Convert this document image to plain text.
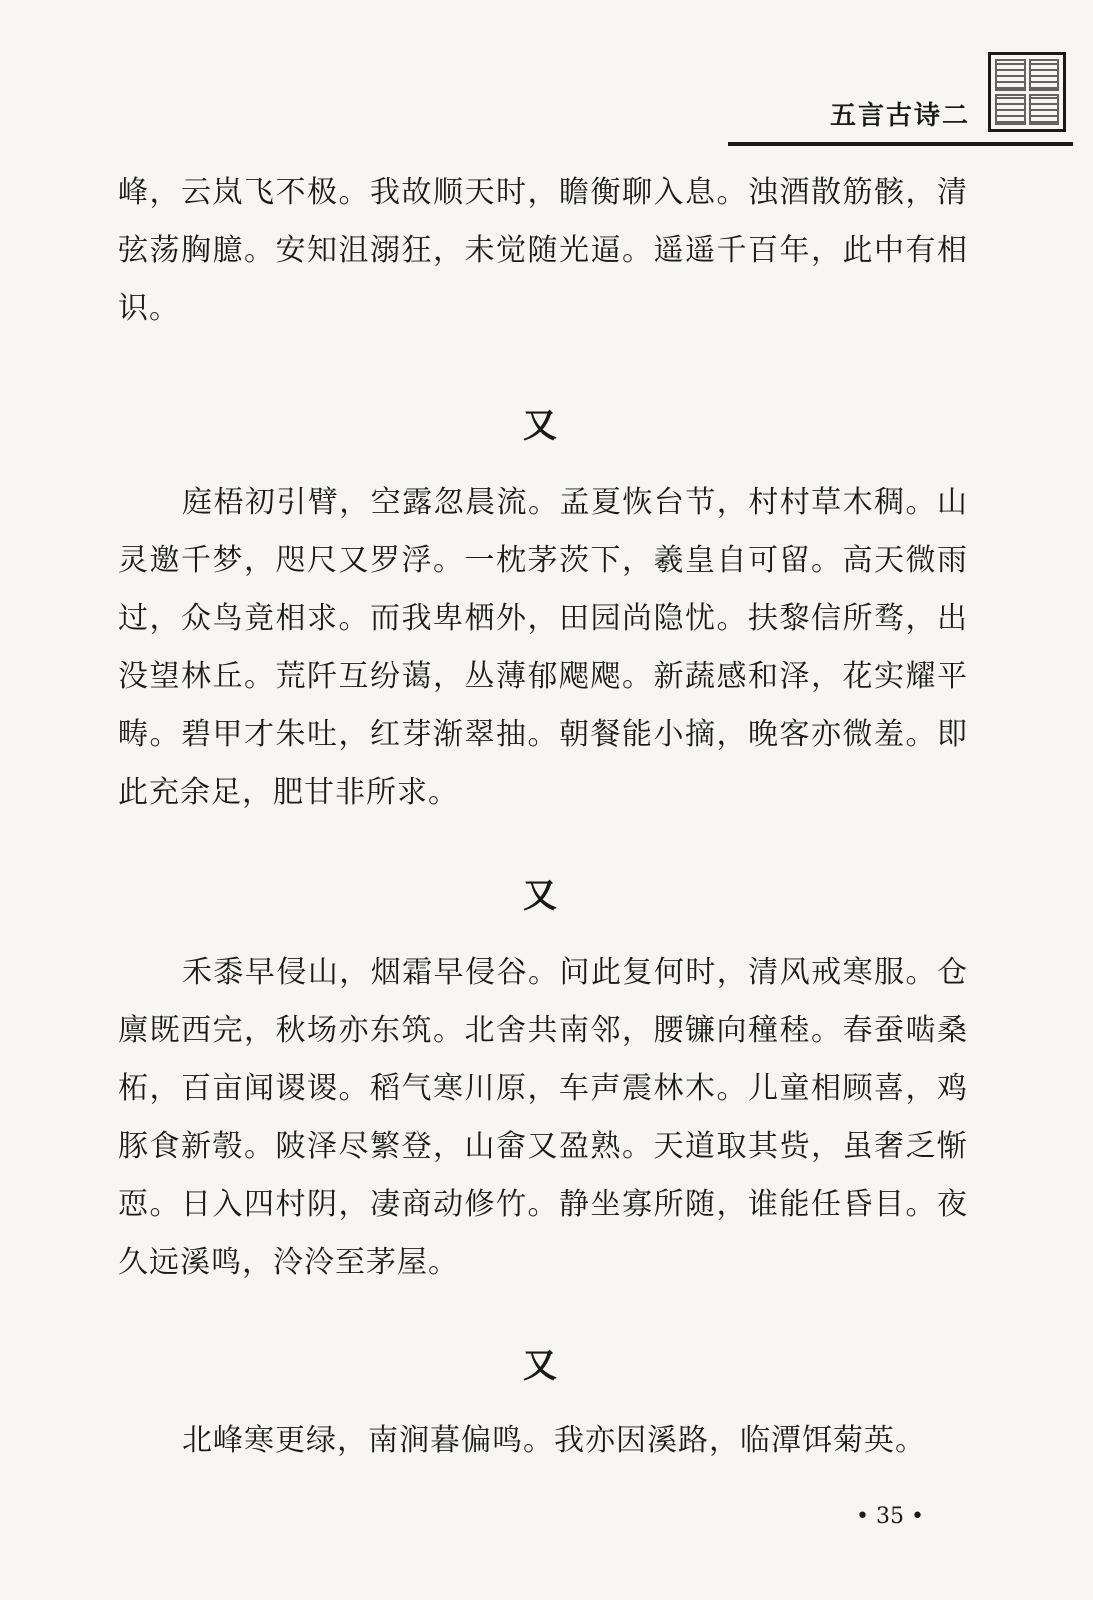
五言古诗二

峰，云岚飞不极。我故顺天时，瞻衡聊入息。浊酒散筋骸，清弦荡胸臆。安知沮溺狂，未觉随光逼。遥遥千百年，此中有相识。

又

庭梧初引臂，空露忽晨流。孟夏恢台节，村村草木稠。山灵邀千梦，咫尺又罗浮。一枕茅茨下，羲皇自可留。高天微雨过，众鸟竟相求。而我卑栖外，田园尚隐忧。扶黎信所骛，出没望林丘。荒阡互纷蔼，丛薄郁飔飔。新蔬感和泽，花实耀平畴。碧甲才朱吐，红芽渐翠抽。朝餐能小摘，晚客亦微羞。即此充余足，肥甘非所求。

又

禾黍早侵山，烟霜早侵谷。问此复何时，清风戒寒服。仓廪既西完，秋场亦东筑。北舍共南邻，腰镰向穜稑。春蚕啮桑柘，百亩闻谡谡。稻气寒川原，车声震林木。儿童相顾喜，鸡豚食新彀。陂泽尽繁登，山畲又盈熟。天道取其赀，虽奢乏惭恧。日入四村阴，凄商动修竹。静坐寡所随，谁能任昏目。夜久远溪鸣，泠泠至茅屋。

又

北峰寒更绿，南涧暮偏鸣。我亦因溪路，临潭饵菊英。

• 35 •
